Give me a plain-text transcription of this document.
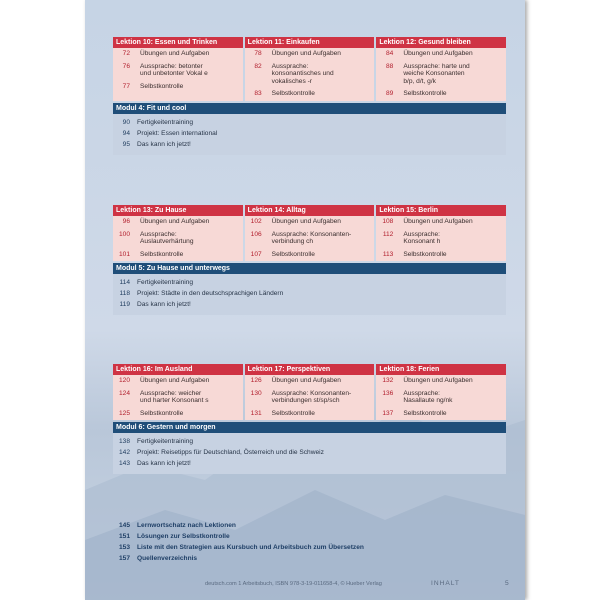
Lektion 10: Essen und Trinken
72 Übungen und Aufgaben
76 Aussprache: betonter
und unbetonter Vokal e
77 Selbstkontrolle
Lektion 11: Einkaufen
78 Übungen und Aufgaben
82 Aussprache:
konsonantisches und
vokalisches -r
83 Selbstkontrolle
Lektion 12: Gesund bleiben
84 Übungen und Aufgaben
88 Aussprache: harte und
weiche Konsonanten
b/p, d/t, g/k
89 Selbstkontrolle
Modul 4: Fit und cool
90	Fertigkeitentraining
94	Projekt: Essen international
95	Das kann ich jetzt!
Lektion 13: Zu Hause
96 Übungen und Aufgaben
100 Aussprache:
Auslautverhärtung
101 Selbstkontrolle
Lektion 14: Alltag
102 Übungen und Aufgaben
106 Aussprache: Konsonanten-
verbindung ch
107 Selbstkontrolle
Lektion 15: Berlin
108 Übungen und Aufgaben
112 Aussprache:
Konsonant h
113 Selbstkontrolle
Modul 5: Zu Hause und unterwegs
114	Fertigkeitentraining
118	Projekt: Städte in den deutschsprachigen Ländern
119	Das kann ich jetzt!
Lektion 16: Im Ausland
120 Übungen und Aufgaben
124 Aussprache: weicher
und harter Konsonant s
125 Selbstkontrolle
Lektion 17: Perspektiven
126 Übungen und Aufgaben
130 Aussprache: Konsonanten-
verbindungen st/sp/sch
131 Selbstkontrolle
Lektion 18: Ferien
132 Übungen und Aufgaben
136 Aussprache:
Nasallaute ng/nk
137 Selbstkontrolle
Modul 6: Gestern und morgen
138	Fertigkeitentraining
142	Projekt: Reisetipps für Deutschland, Österreich und die Schweiz
143	Das kann ich jetzt!
145	Lernwortschatz nach Lektionen
151	Lösungen zur Selbstkontrolle
153	Liste mit den Strategien aus Kursbuch und Arbeitsbuch zum Übersetzen
157	Quellenverzeichnis
deutsch.com 1 Arbeitsbuch, ISBN 978-3-19-011658-4, © Hueber Verlag	INHALT	5
